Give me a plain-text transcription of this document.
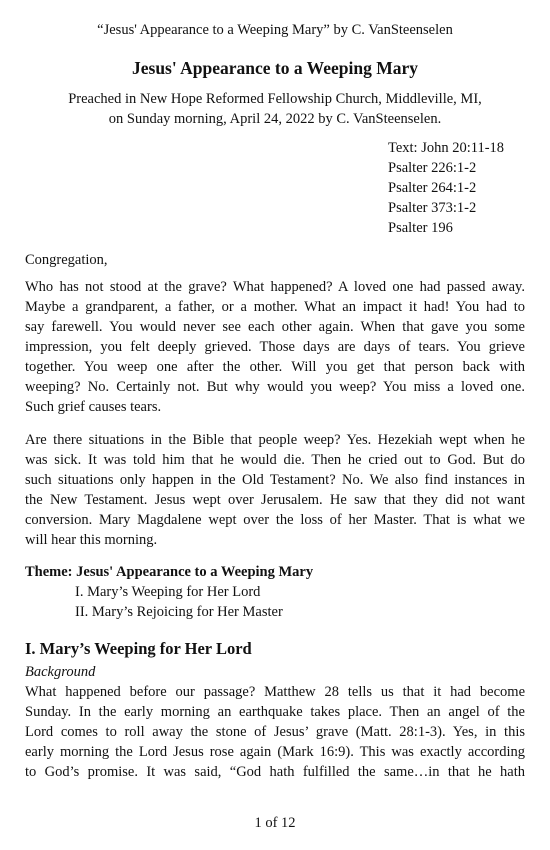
“Jesus' Appearance to a Weeping Mary” by C. VanSteenselen
Jesus' Appearance to a Weeping Mary
Preached in New Hope Reformed Fellowship Church, Middleville, MI,
on Sunday morning, April 24, 2022 by C. VanSteenselen.
Text: John 20:11-18
Psalter 226:1-2
Psalter 264:1-2
Psalter 373:1-2
Psalter 196
Congregation,
Who has not stood at the grave? What happened? A loved one had passed away.
Maybe a grandparent, a father, or a mother. What an impact it had! You had to
say farewell. You would never see each other again. When that gave you some
impression, you felt deeply grieved. Those days are days of tears. You grieve
together. You weep one after the other. Will you get that person back with
weeping? No. Certainly not. But why would you weep? You miss a loved one.
Such grief causes tears.
Are there situations in the Bible that people weep? Yes. Hezekiah wept when he
was sick. It was told him that he would die. Then he cried out to God. But do
such situations only happen in the Old Testament? No. We also find instances in
the New Testament. Jesus wept over Jerusalem. He saw that they did not want
conversion. Mary Magdalene wept over the loss of her Master. That is what we
will hear this morning.
Theme: Jesus' Appearance to a Weeping Mary
I. Mary’s Weeping for Her Lord
II. Mary’s Rejoicing for Her Master
I. Mary’s Weeping for Her Lord
Background
What happened before our passage? Matthew 28 tells us that it had become
Sunday. In the early morning an earthquake takes place. Then an angel of the
Lord comes to roll away the stone of Jesus’ grave (Matt. 28:1-3). Yes, in this
early morning the Lord Jesus rose again (Mark 16:9). This was exactly according
to God’s promise. It was said, “God hath fulfilled the same…in that he hath
1 of 12
